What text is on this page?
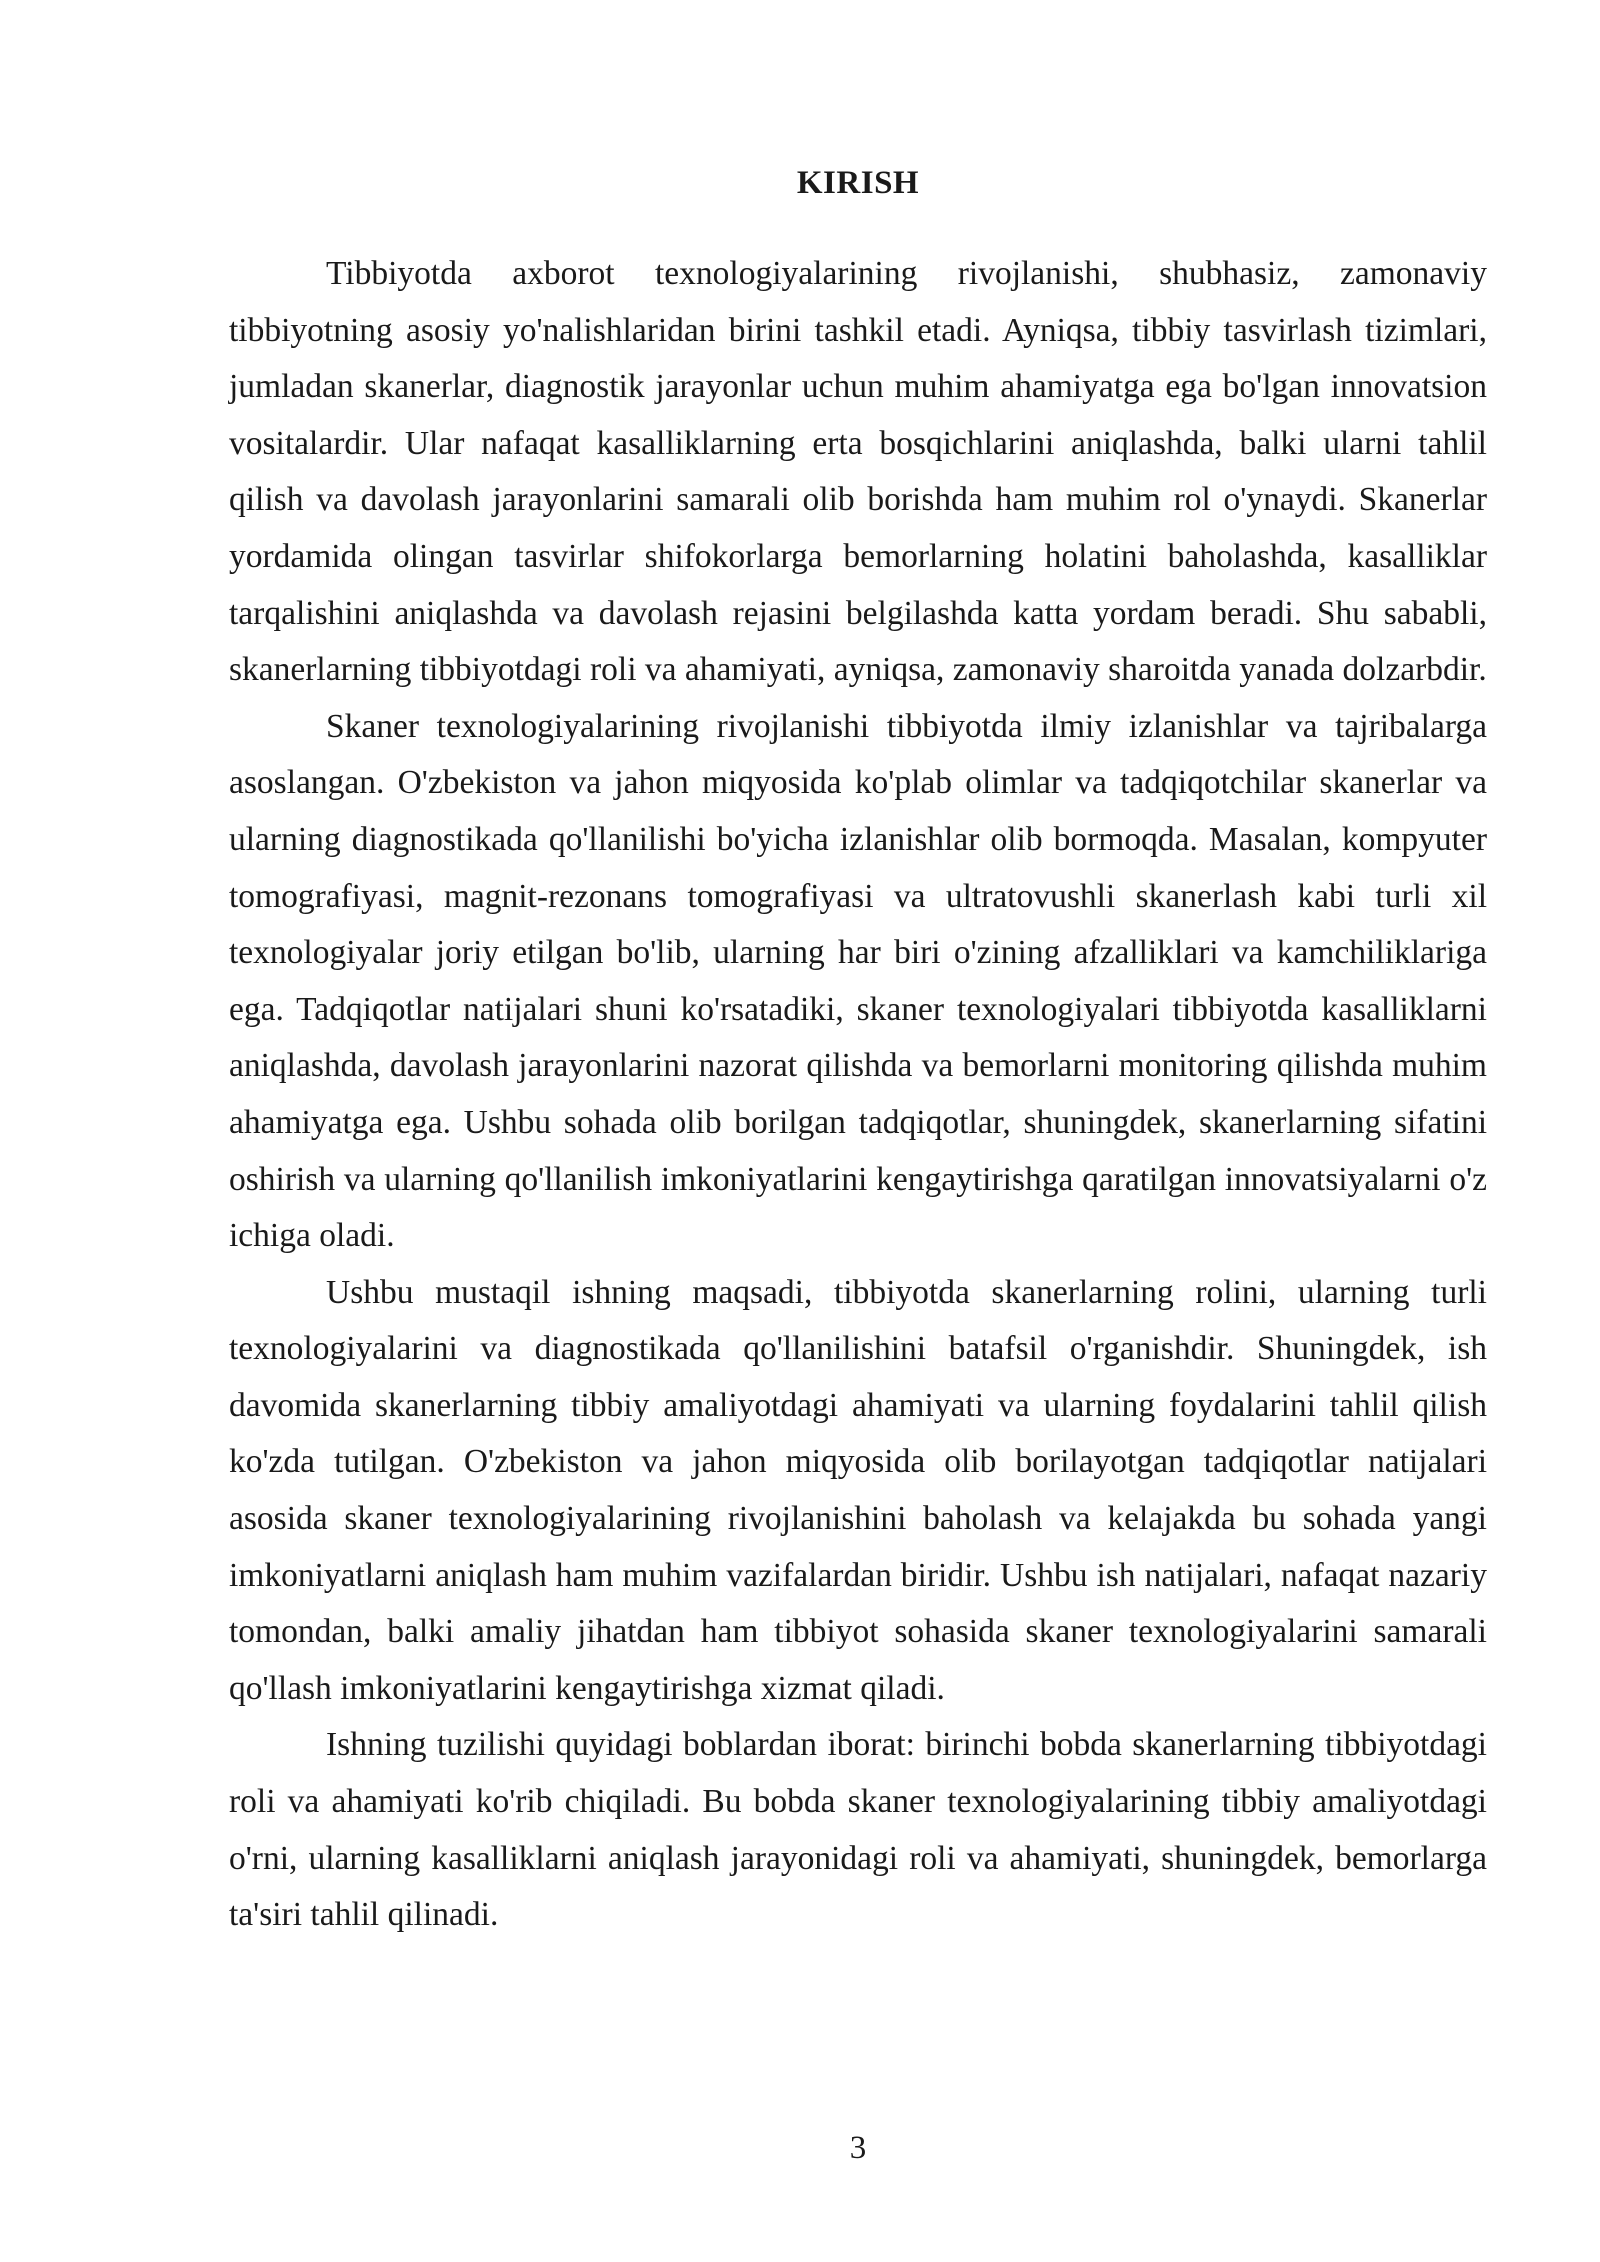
KIRISH

Tibbiyotda axborot texnologiyalarining rivojlanishi, shubhasiz, zamonaviy tibbiyotning asosiy yo'nalishlaridan birini tashkil etadi. Ayniqsa, tibbiy tasvirlash tizimlari, jumladan skanerlar, diagnostik jarayonlar uchun muhim ahamiyatga ega bo'lgan innovatsion vositalardir. Ular nafaqat kasalliklarning erta bosqichlarini aniqlashda, balki ularni tahlil qilish va davolash jarayonlarini samarali olib borishda ham muhim rol o'ynaydi. Skanerlar yordamida olingan tasvirlar shifokorlarga bemorlarning holatini baholashda, kasalliklar tarqalishini aniqlashda va davolash rejasini belgilashda katta yordam beradi. Shu sababli, skanerlarning tibbiyotdagi roli va ahamiyati, ayniqsa, zamonaviy sharoitda yanada dolzarbdir.

Skaner texnologiyalarining rivojlanishi tibbiyotda ilmiy izlanishlar va tajribalarga asoslangan. O'zbekiston va jahon miqyosida ko'plab olimlar va tadqiqotchilar skanerlar va ularning diagnostikada qo'llanilishi bo'yicha izlanishlar olib bormoqda. Masalan, kompyuter tomografiyasi, magnit-rezonans tomografiyasi va ultratovushli skanerlash kabi turli xil texnologiyalar joriy etilgan bo'lib, ularning har biri o'zining afzalliklari va kamchiliklariga ega. Tadqiqotlar natijalari shuni ko'rsatadiki, skaner texnologiyalari tibbiyotda kasalliklarni aniqlashda, davolash jarayonlarini nazorat qilishda va bemorlarni monitoring qilishda muhim ahamiyatga ega. Ushbu sohada olib borilgan tadqiqotlar, shuningdek, skanerlarning sifatini oshirish va ularning qo'llanilish imkoniyatlarini kengaytirishga qaratilgan innovatsiyalarni o'z ichiga oladi.

Ushbu mustaqil ishning maqsadi, tibbiyotda skanerlarning rolini, ularning turli texnologiyalarini va diagnostikada qo'llanilishini batafsil o'rganishdir. Shuningdek, ish davomida skanerlarning tibbiy amaliyotdagi ahamiyati va ularning foydalarini tahlil qilish ko'zda tutilgan. O'zbekiston va jahon miqyosida olib borilayotgan tadqiqotlar natijalari asosida skaner texnologiyalarining rivojlanishini baholash va kelajakda bu sohada yangi imkoniyatlarni aniqlash ham muhim vazifalardan biridir. Ushbu ish natijalari, nafaqat nazariy tomondan, balki amaliy jihatdan ham tibbiyot sohasida skaner texnologiyalarini samarali qo'llash imkoniyatlarini kengaytirishga xizmat qiladi.

Ishning tuzilishi quyidagi boblardan iborat: birinchi bobda skanerlarning tibbiyotdagi roli va ahamiyati ko'rib chiqiladi. Bu bobda skaner texnologiyalarining tibbiy amaliyotdagi o'rni, ularning kasalliklarni aniqlash jarayonidagi roli va ahamiyati, shuningdek, bemorlarga ta'siri tahlil qilinadi.

3
